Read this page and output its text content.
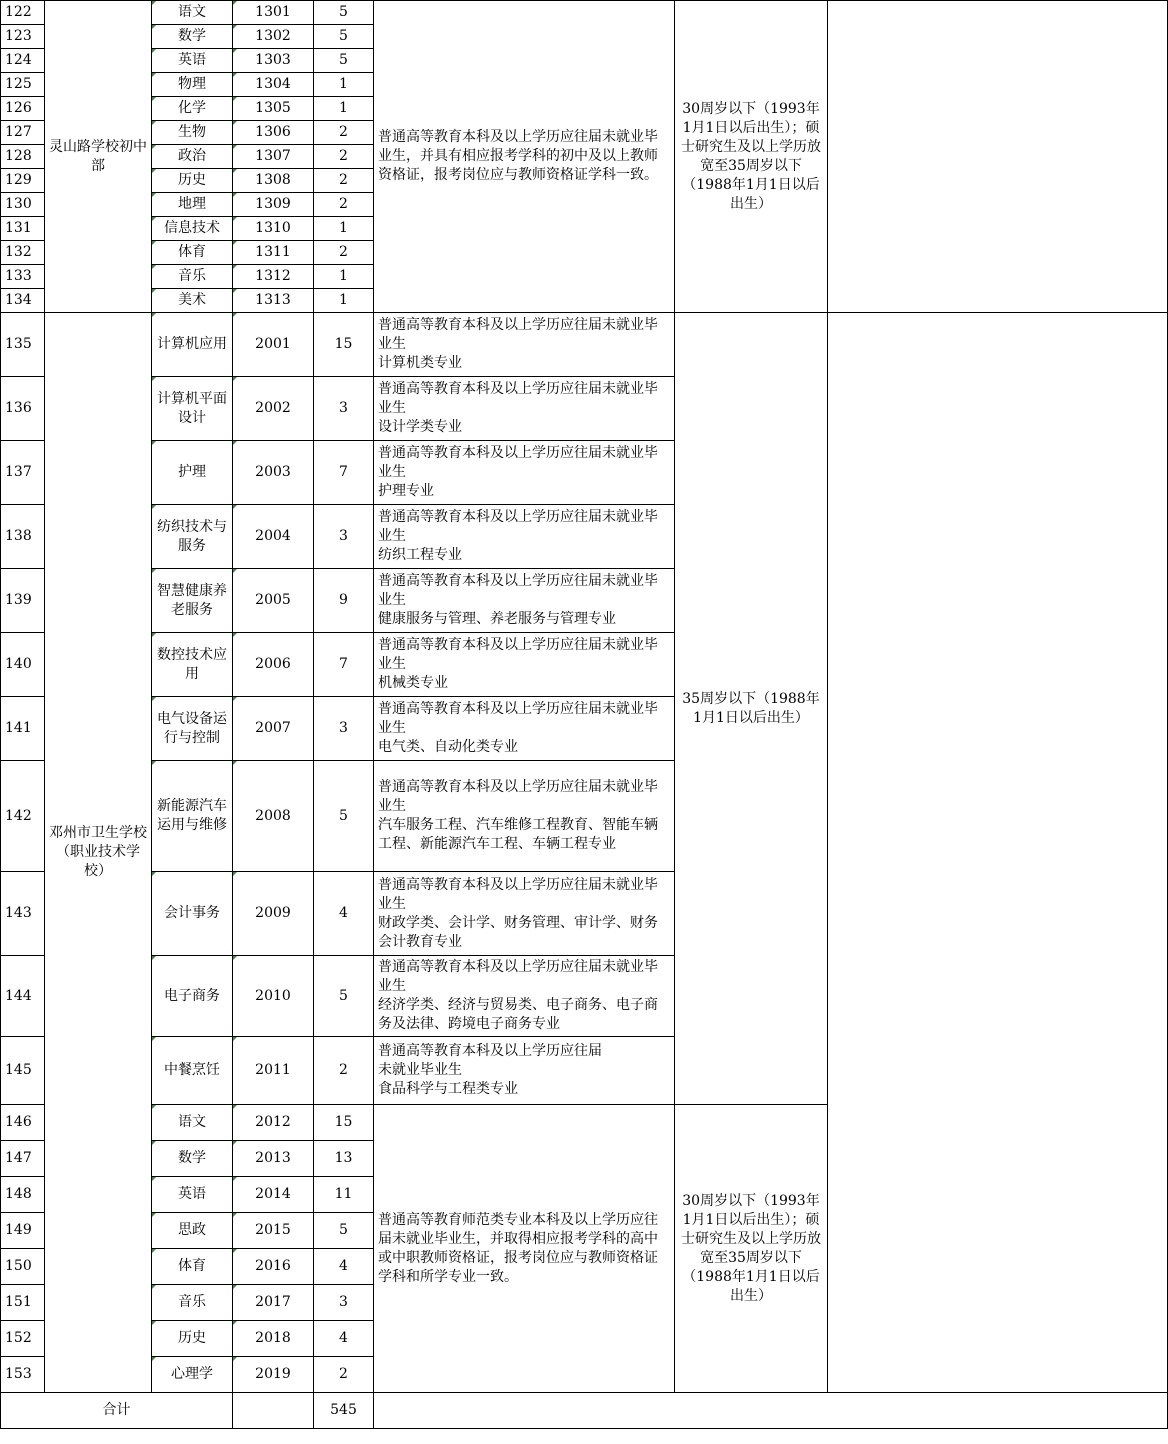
122	灵山路学校初中部	语文	1301	5	普通高等教育本科及以上学历应往届未就业毕业生，并具有相应报考学科的初中及以上教师资格证，报考岗位应与教师资格证学科一致。	30周岁以下（1993年1月1日以后出生）；硕士研究生及以上学历放宽至35周岁以下（1988年1月1日以后出生）	
123		数学	1302	5			
124		英语	1303	5			
125		物理	1304	1			
126		化学	1305	1			
127		生物	1306	2			
128		政治	1307	2			
129		历史	1308	2			
130		地理	1309	2			
131		信息技术	1310	1			
132		体育	1311	2			
133		音乐	1312	1			
134		美术	1313	1			
135	邓州市卫生学校（职业技术学校）	计算机应用	2001	15	普通高等教育本科及以上学历应往届未就业毕业生
计算机类专业	35周岁以下（1988年1月1日以后出生）	
136		计算机平面设计	2002	3	普通高等教育本科及以上学历应往届未就业毕业生
设计学类专业		

137		护理	2003	7	普通高等教育本科及以上学历应往届未就业毕业生
护理专业		

138		纺织技术与服务	2004	3	普通高等教育本科及以上学历应往届未就业毕业生
纺织工程专业		

139		智慧健康养老服务	2005	9	普通高等教育本科及以上学历应往届未就业毕业生
健康服务与管理、养老服务与管理专业		

140		数控技术应用	2006	7	普通高等教育本科及以上学历应往届未就业毕业生
机械类专业		

141		电气设备运行与控制	2007	3	普通高等教育本科及以上学历应往届未就业毕业生
电气类、自动化类专业		

142		新能源汽车运用与维修	2008	5	普通高等教育本科及以上学历应往届未就业毕业生
汽车服务工程、汽车维修工程教育、智能车辆工程、新能源汽车工程、车辆工程专业		

143		会计事务	2009	4	普通高等教育本科及以上学历应往届未就业毕业生
财政学类、会计学、财务管理、审计学、财务会计教育专业		

144		电子商务	2010	5	普通高等教育本科及以上学历应往届未就业毕业生
经济学类、经济与贸易类、电子商务、电子商务及法律、跨境电子商务专业		

145		中餐烹饪	2011	2	普通高等教育本科及以上学历应往届
未就业毕业生
食品科学与工程类专业		

146		语文	2012	15	普通高等教育师范类专业本科及以上学历应往届未就业毕业生，并取得相应报考学科的高中或中职教师资格证，报考岗位应与教师资格证学科和所学专业一致。	30周岁以下（1993年1月1日以后出生）；硕士研究生及以上学历放宽至35周岁以下（1988年1月1日以后出生）	
147		数学	2013	13			
148		英语	2014	11			
149		思政	2015	5			
150		体育	2016	4			
151		音乐	2017	3			
152		历史	2018	4			
153		心理学	2019	2			
合计				545			
